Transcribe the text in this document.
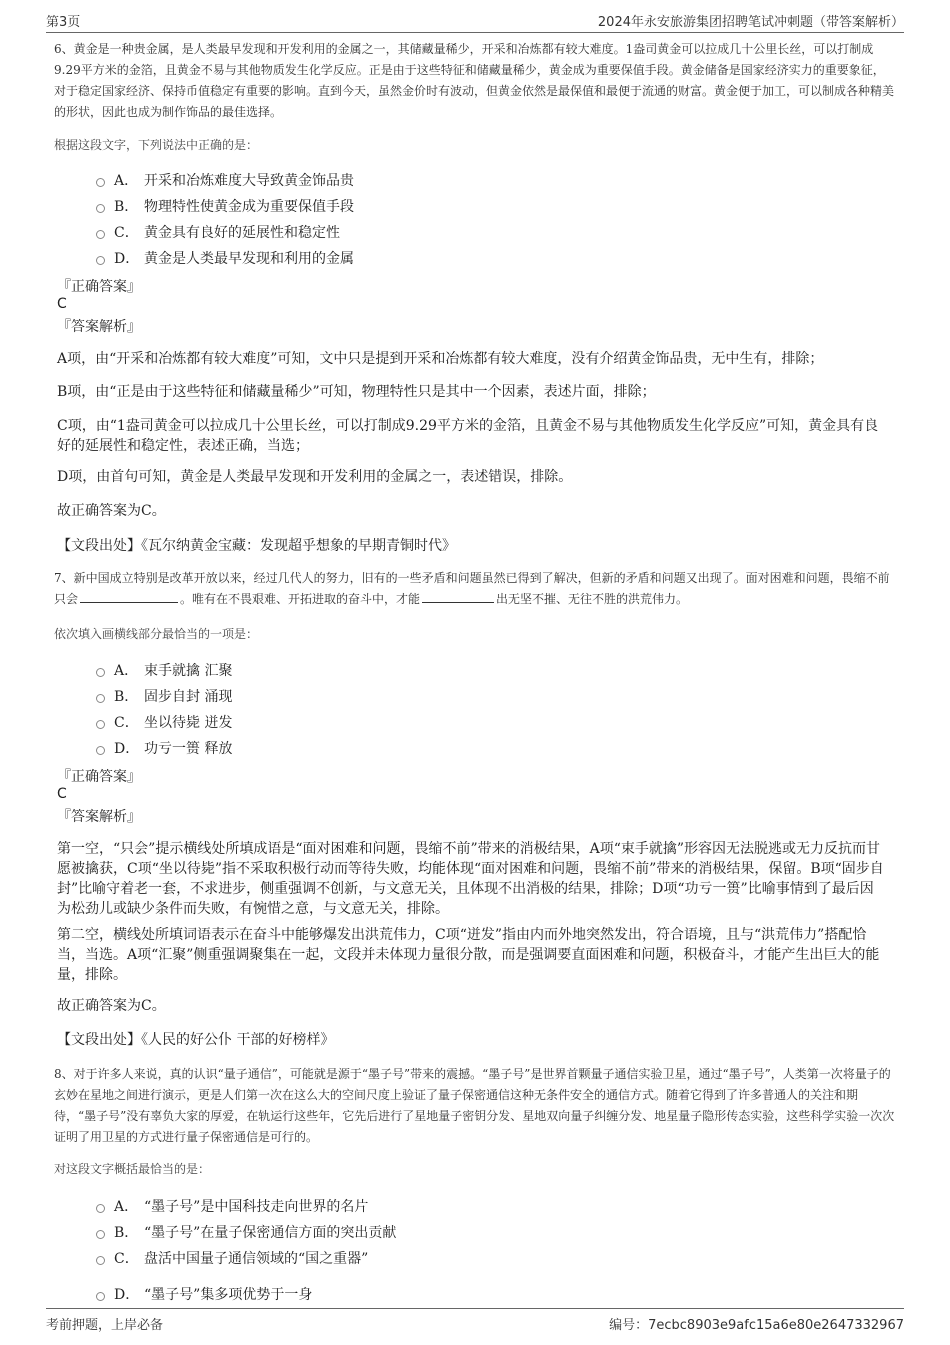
第3页	2024年永安旅游集团招聘笔试冲刺题（带答案解析）
6、黄金是一种贵金属，是人类最早发现和开发利用的金属之一，其储藏量稀少，开采和冶炼都有较大难度。1盎司黄金可以拉成几十公里长丝，可以打制成9.29平方米的金箔，且黄金不易与其他物质发生化学反应。正是由于这些特征和储藏量稀少，黄金成为重要保值手段。黄金储备是国家经济实力的重要象征，对于稳定国家经济、保持币值稳定有重要的影响。直到今天，虽然金价时有波动，但黄金依然是最保值和最便于流通的财富。黄金便于加工，可以制成各种精美的形状，因此也成为制作饰品的最佳选择。
根据这段文字，下列说法中正确的是：
A． 开采和冶炼难度大导致黄金饰品贵
B． 物理特性使黄金成为重要保值手段
C． 黄金具有良好的延展性和稳定性
D． 黄金是人类最早发现和利用的金属
『正确答案』
C
『答案解析』
A项，由“开采和冶炼都有较大难度”可知，文中只是提到开采和冶炼都有较大难度，没有介绍黄金饰品贵，无中生有，排除；
B项，由“正是由于这些特征和储藏量稀少”可知，物理特性只是其中一个因素，表述片面，排除；
C项，由“1盎司黄金可以拉成几十公里长丝，可以打制成9.29平方米的金箔，且黄金不易与其他物质发生化学反应”可知，黄金具有良好的延展性和稳定性，表述正确，当选；
D项，由首句可知，黄金是人类最早发现和开发利用的金属之一，表述错误，排除。
故正确答案为C。
【文段出处】《瓦尔纳黄金宝藏：发现超乎想象的早期青铜时代》
7、新中国成立特别是改革开放以来，经过几代人的努力，旧有的一些矛盾和问题虽然已得到了解决，但新的矛盾和问题又出现了。面对困难和问题，畏缩不前只会	。唯有在不畏艰难、开拓进取的奋斗中，才能	出无坚不摧、无往不胜的洪荒伟力。
依次填入画横线部分最恰当的一项是：
A． 束手就擒 汇聚
B． 固步自封 涌现
C． 坐以待毙 迸发
D． 功亏一篑 释放
『正确答案』
C
『答案解析』
第一空，“只会”提示横线处所填成语是“面对困难和问题，畏缩不前”带来的消极结果，A项“束手就擒”形容因无法脱逃或无力反抗而甘愿被擒获，C项“坐以待毙”指不采取积极行动而等待失败，均能体现“面对困难和问题，畏缩不前”带来的消极结果，保留。B项“固步自封”比喻守着老一套，不求进步，侧重强调不创新，与文意无关，且体现不出消极的结果，排除；D项“功亏一篑”比喻事情到了最后因为松劲儿或缺少条件而失败，有惋惜之意，与文意无关，排除。
第二空，横线处所填词语表示在奋斗中能够爆发出洪荒伟力，C项“迸发”指由内而外地突然发出，符合语境，且与“洪荒伟力”搭配恰当，当选。A项“汇聚”侧重强调聚集在一起，文段并未体现力量很分散，而是强调要直面困难和问题，积极奋斗，才能产生出巨大的能量，排除。
故正确答案为C。
【文段出处】《人民的好公仆 干部的好榜样》
8、对于许多人来说，真的认识“量子通信”，可能就是源于“墨子号”带来的震撼。“墨子号”是世界首颗量子通信实验卫星，通过“墨子号”，人类第一次将量子的玄妙在星地之间进行演示，更是人们第一次在这么大的空间尺度上验证了量子保密通信这种无条件安全的通信方式。随着它得到了许多普通人的关注和期待，“墨子号”没有辜负大家的厚爱，在轨运行这些年，它先后进行了星地量子密钥分发、星地双向量子纠缠分发、地星量子隐形传态实验，这些科学实验一次次证明了用卫星的方式进行量子保密通信是可行的。
对这段文字概括最恰当的是：
A． “墨子号”是中国科技走向世界的名片
B． “墨子号”在量子保密通信方面的突出贡献
C． 盘活中国量子通信领域的“国之重器”
D． “墨子号”集多项优势于一身
考前押题，上岸必备	编号：7ecbc8903e9afc15a6e80e2647332967
